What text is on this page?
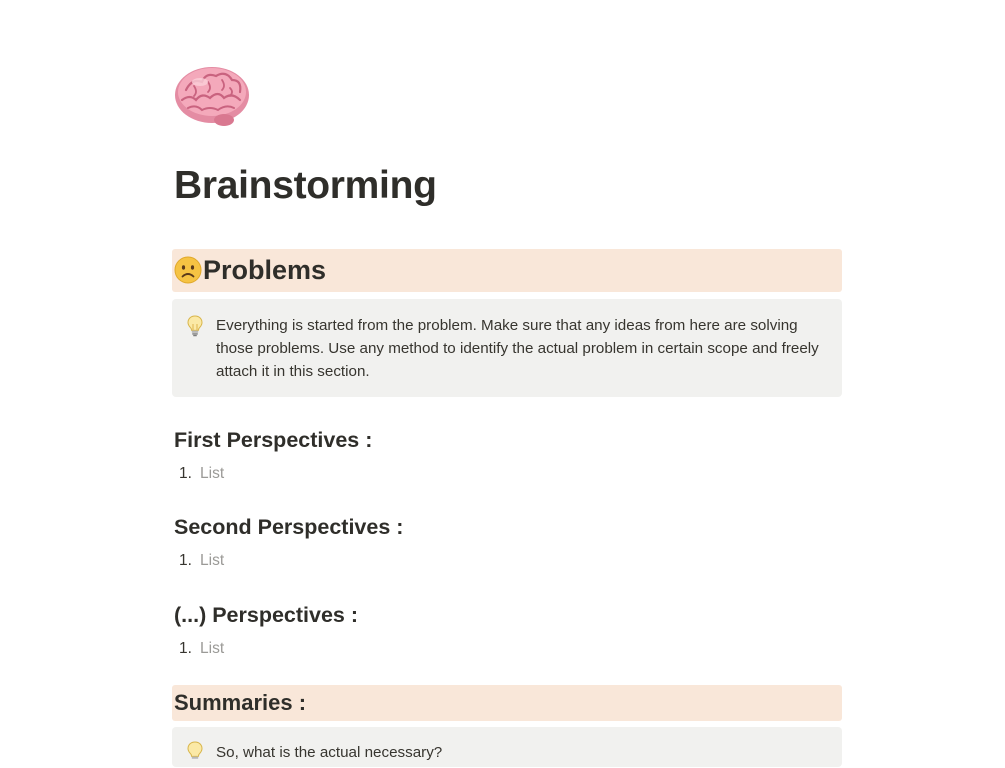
Brainstorming
Problems
Everything is started from the problem. Make sure that any ideas from here are solving those problems. Use any method to identify the actual problem in certain scope and freely attach it in this section.
First Perspectives :
1. List
Second Perspectives :
1. List
(...) Perspectives :
1. List
Summaries :
So, what is the actual necessary?
